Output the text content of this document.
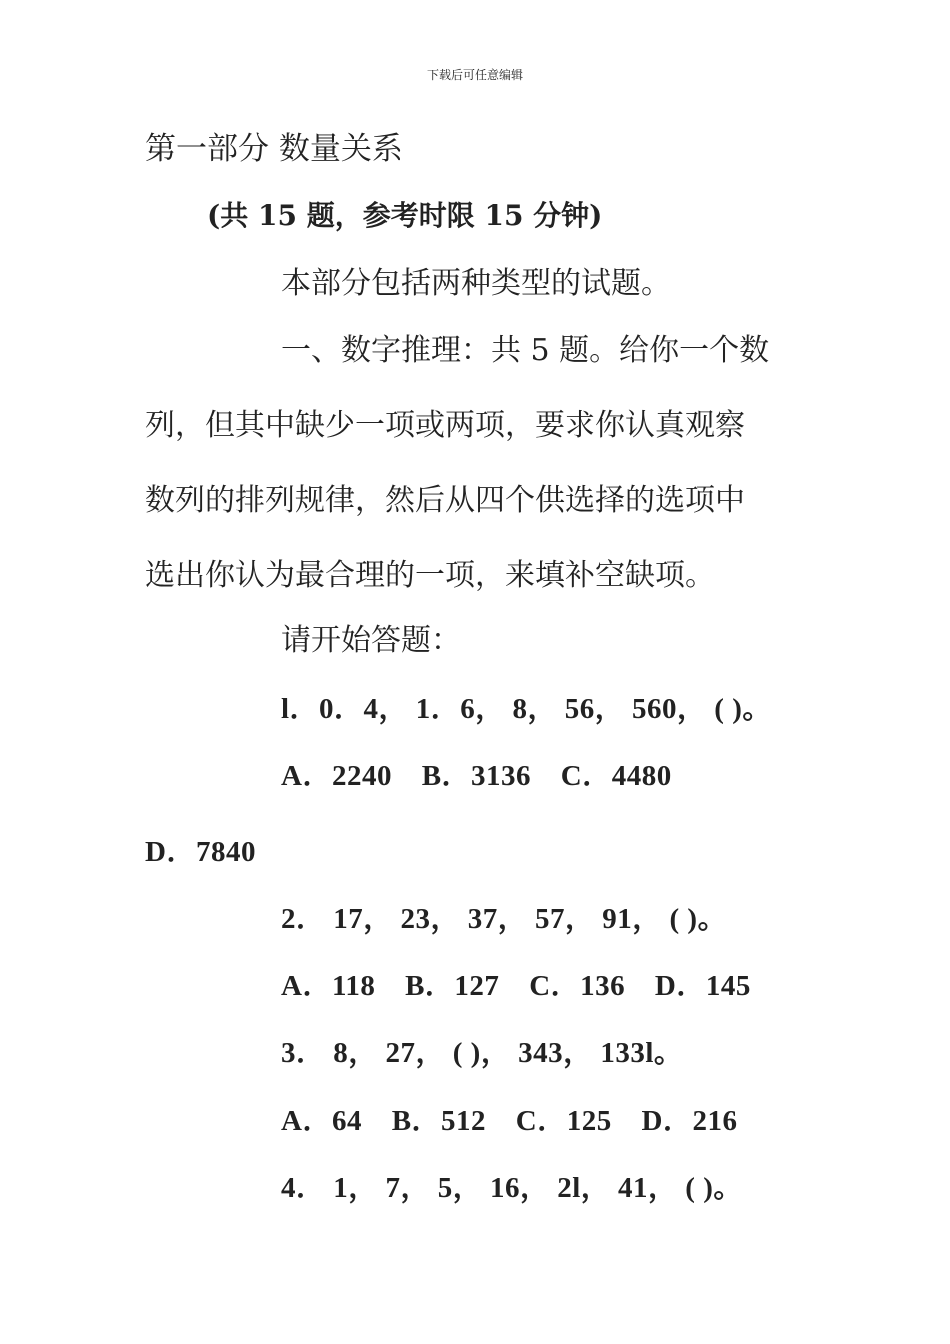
下载后可任意编辑
第一部分 数量关系
(共 15 题，参考时限 15 分钟)
本部分包括两种类型的试题。
一、数字推理：共 5 题。给你一个数
列，但其中缺少一项或两项，要求你认真观察
数列的排列规律，然后从四个供选择的选项中
选出你认为最合理的一项，来填补空缺项。
请开始答题：
l．0．4， 1．6， 8， 56， 560， ( )。
A．2240 B．3136 C．4480
D．7840
2． 17， 23， 37， 57， 91， ( )。
A．118 B．127 C．136 D．145
3． 8， 27， ( )， 343， 133l。
A．64 B．512 C．125 D．216
4． 1， 7， 5， 16， 2l， 41， ( )。
